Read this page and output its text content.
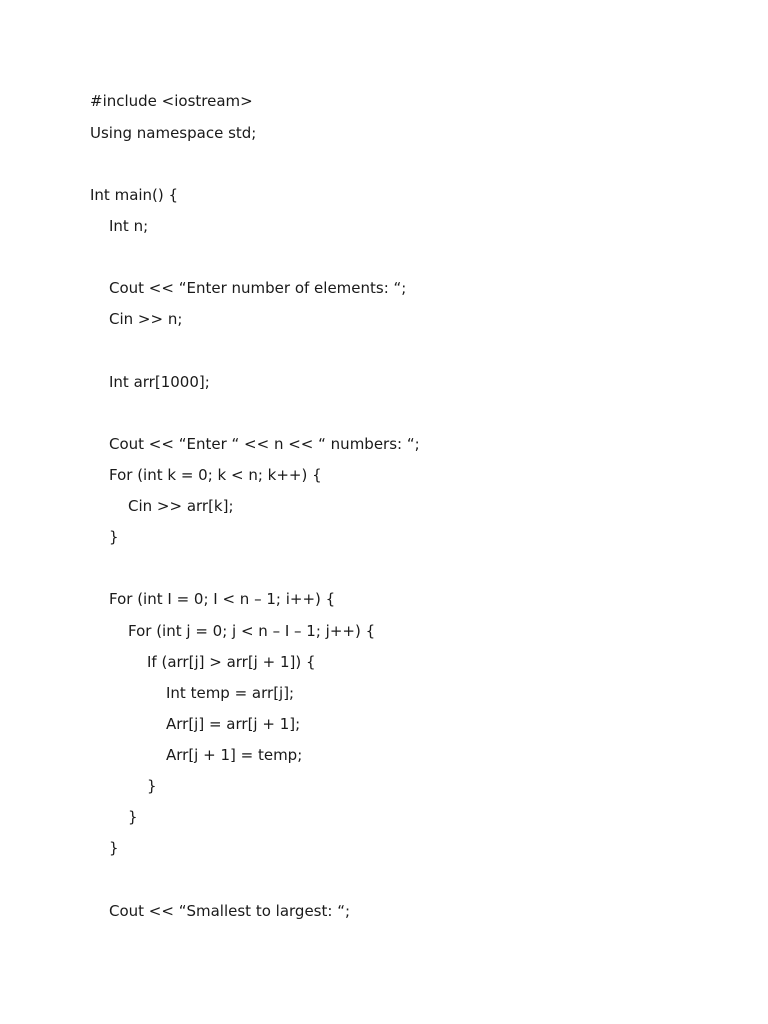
#include <iostream>
Using namespace std;
Int main() {
Int n;
Cout << “Enter number of elements: “;
Cin >> n;
Int arr[1000];
Cout << “Enter “ << n << “ numbers: “;
For (int k = 0; k < n; k++) {
Cin >> arr[k];
}
For (int I = 0; I < n – 1; i++) {
For (int j = 0; j < n – I – 1; j++) {
If (arr[j] > arr[j + 1]) {
Int temp = arr[j];
Arr[j] = arr[j + 1];
Arr[j + 1] = temp;
}
}
}
Cout << “Smallest to largest: “;
